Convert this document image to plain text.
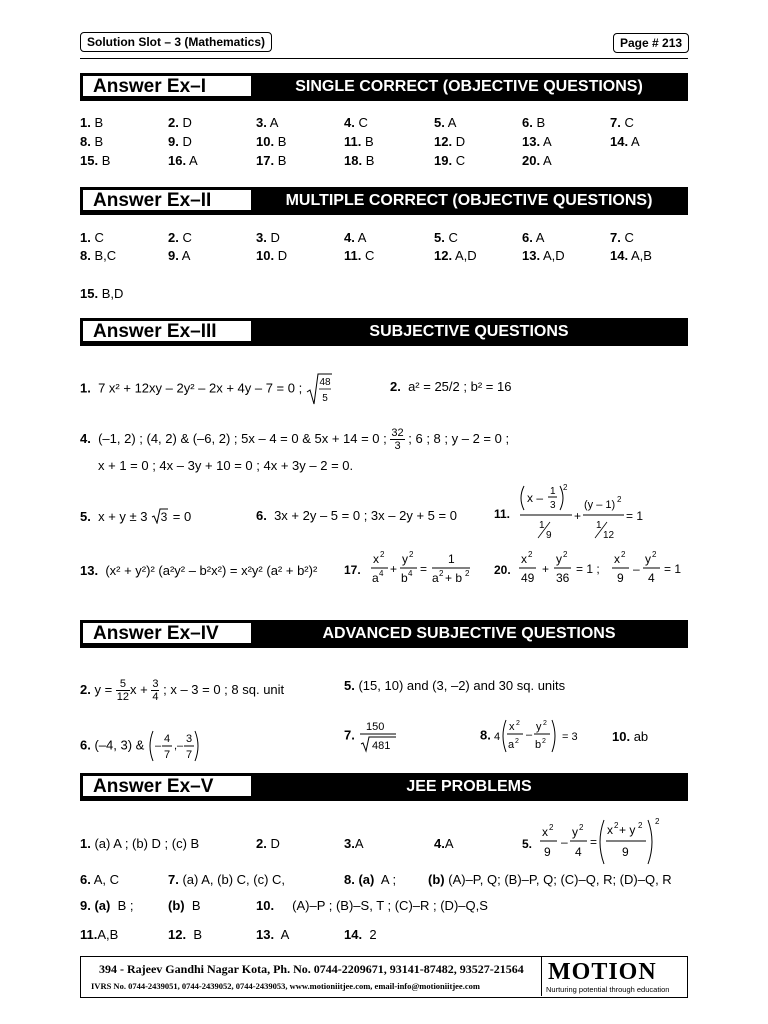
Solution Slot – 3 (Mathematics)	Page # 213
Answer Ex–I	SINGLE CORRECT (OBJECTIVE QUESTIONS)
1. B	2. D	3. A	4. C	5. A	6. B	7. C
8. B	9. D	10. B	11. B	12. D	13. A	14. A
15. B	16. A	17. B	18. B	19. C	20. A
Answer Ex–II	MULTIPLE CORRECT (OBJECTIVE QUESTIONS)
1. C	2. C	3. D	4. A	5. C	6. A	7. C
8. B,C	9. A	10. D	11. C	12. A,D	13. A,D	14. A,B
15. B,D
Answer Ex–III	SUBJECTIVE QUESTIONS
1. 7 x² + 12xy – 2y² – 2x + 4y – 7 = 0 ; 48
5
2. a² = 25/2 ; b² = 16
4. (–1, 2) ; (4, 2) & (–6, 2) ; 5x – 4 = 0 & 5x + 14 = 0 ; $\frac{32}{3}$ ; 6 ; 8 ; y – 2 = 0 ;
x + 1 = 0 ; 4x – 3y + 10 = 0 ; 4x + 3y – 2 = 0.
5. x + y ± 3 3 = 0	6. 3x + 2y – 5 = 0 ; 3x – 2y + 5 = 0	11.
x – 1
3
2
1
9
+
(y – 1) 2
1
12
= 1
13. (x² + y²)² (a²y² – b²x²) = x²y² (a² + b²)² 17.
x 2
a 4 +
y 2
b 4 =
1
a 2 + b 2 20.
x 2
49
+
y 2
36
= 1 ;
x 2
9
–
y 2
4
= 1
Answer Ex–IV	ADVANCED SUBJECTIVE QUESTIONS
2. $y = \frac{5}{12}$ $x + \frac{3}{4}$ ; x – 3 = 0 ; 8 sq. unit	5. (15, 10) and (3, –2) and 30 sq. units
6. (–4, 3) & –
4
7
,–
3
7
7.
150
481
8. 4
x 2
a 2
–
y 2
b 2 = 3	10. ab
Answer Ex–V	JEE PROBLEMS
1. (a) A ; (b) D ; (c) B	2. D	3.A	4.A	5.
x 2
9
–
y 2
4
=
x 2 + y 2
9
2
6. A, C	7. (a) A, (b) C, (c) C,	8. (a) A ; (b) (A)–P, Q; (B)–P, Q; (C)–Q, R; (D)–Q, R
9. (a) B ;	(b) B	10. (A)–P ; (B)–S, T ; (C)–R ; (D)–Q,S
11.A,B	12. B	13. A	14. 2
394 - Rajeev Gandhi Nagar Kota, Ph. No. 0744-2209671, 93141-87482, 93527-21564
IVRS No. 0744-2439051, 0744-2439052, 0744-2439053, www.motioniitjee.com, email-info@motioniitjee.com
MOTION
Nurturing potential through education
